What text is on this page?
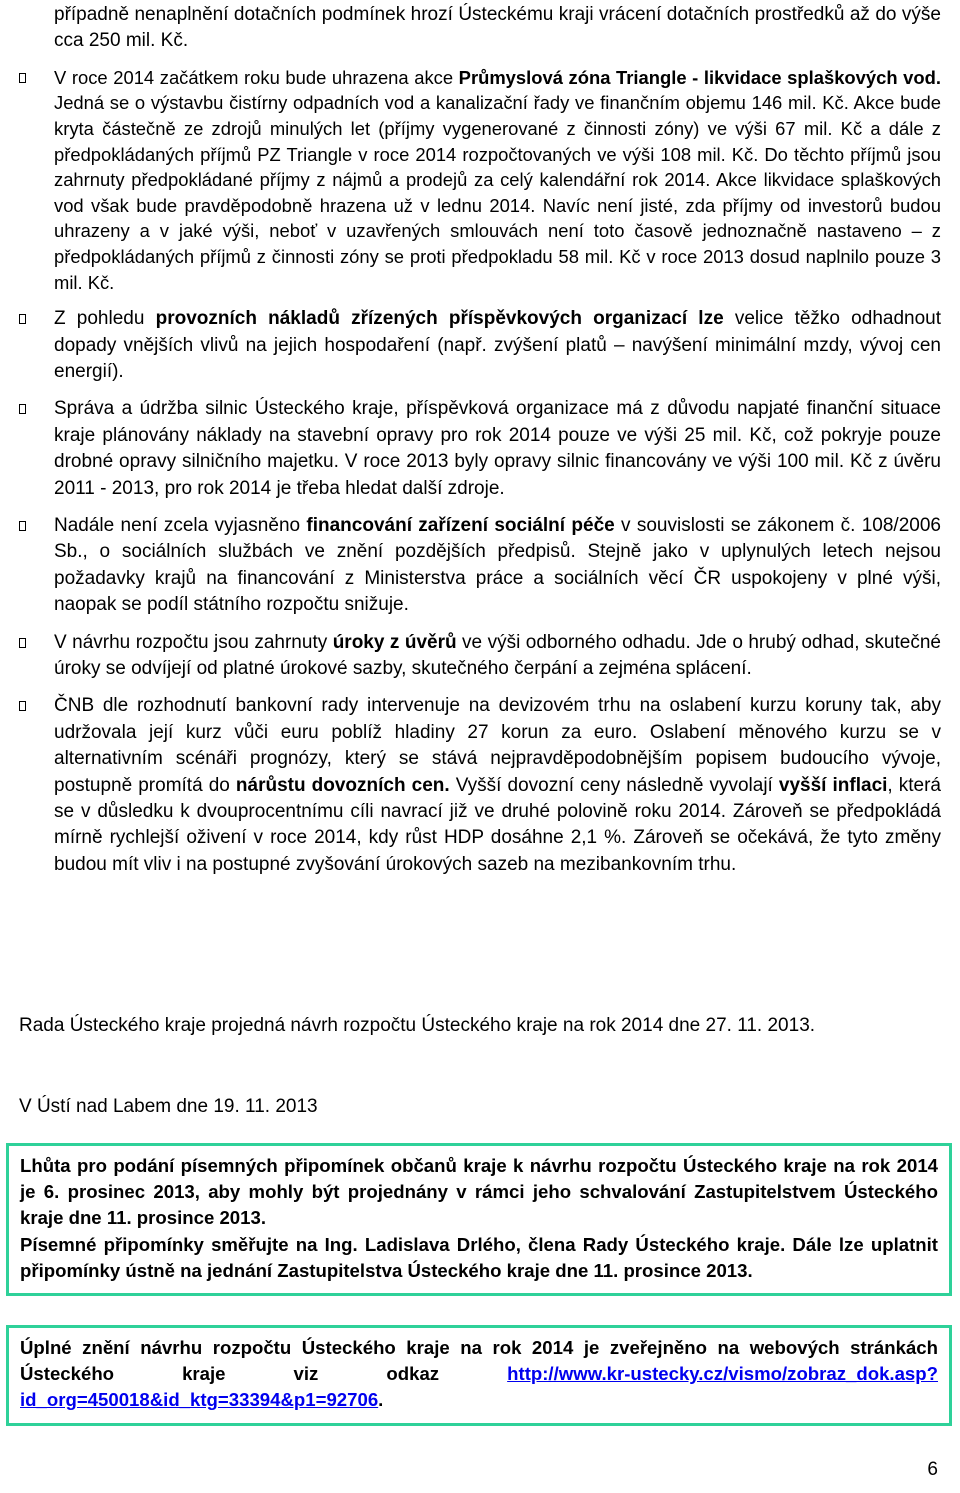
případně nenaplnění dotačních podmínek hrozí Ústeckému kraji vrácení dotačních prostředků až do výše cca 250 mil. Kč.
V roce 2014 začátkem roku bude uhrazena akce Průmyslová zóna Triangle - likvidace splaškových vod. Jedná se o výstavbu čistírny odpadních vod a kanalizační řady ve finančním objemu 146 mil. Kč. Akce bude kryta částečně ze zdrojů minulých let (příjmy vygenerované z činnosti zóny) ve výši 67 mil. Kč a dále z předpokládaných příjmů PZ Triangle v roce 2014 rozpočtovaných ve výši 108 mil. Kč. Do těchto příjmů jsou zahrnuty předpokládané příjmy z nájmů a prodejů za celý kalendářní rok 2014. Akce likvidace splaškových vod však bude pravděpodobně hrazena už v lednu 2014. Navíc není jisté, zda příjmy od investorů budou uhrazeny a v jaké výši, neboť v uzavřených smlouvách není toto časově jednoznačně nastaveno – z předpokládaných příjmů z činnosti zóny se proti předpokladu 58 mil. Kč v roce 2013 dosud naplnilo pouze 3 mil. Kč.
Z pohledu provozních nákladů zřízených příspěvkových organizací lze velice těžko odhadnout dopady vnějších vlivů na jejich hospodaření (např. zvýšení platů – navýšení minimální mzdy, vývoj cen energií).
Správa a údržba silnic Ústeckého kraje, příspěvková organizace má z důvodu napjaté finanční situace kraje plánovány náklady na stavební opravy pro rok 2014 pouze ve výši 25 mil. Kč, což pokryje pouze drobné opravy silničního majetku. V roce 2013 byly opravy silnic financovány ve výši 100 mil. Kč z úvěru 2011 - 2013, pro rok 2014 je třeba hledat další zdroje.
Nadále není zcela vyjasněno financování zařízení sociální péče v souvislosti se zákonem č. 108/2006 Sb., o sociálních službách ve znění pozdějších předpisů. Stejně jako v uplynulých letech nejsou požadavky krajů na financování z Ministerstva práce a sociálních věcí ČR uspokojeny v plné výši, naopak se podíl státního rozpočtu snižuje.
V návrhu rozpočtu jsou zahrnuty úroky z úvěrů ve výši odborného odhadu. Jde o hrubý odhad, skutečné úroky se odvíjejí od platné úrokové sazby, skutečného čerpání a zejména splácení.
ČNB dle rozhodnutí bankovní rady intervenuje na devizovém trhu na oslabení kurzu koruny tak, aby udržovala její kurz vůči euru poblíž hladiny 27 korun za euro. Oslabení měnového kurzu se v alternativním scénáři prognózy, který se stává nejpravděpodobnějším popisem budoucího vývoje, postupně promítá do nárůstu dovozních cen. Vyšší dovozní ceny následně vyvolají vyšší inflaci, která se v důsledku k dvouprocentnímu cíli navrací již ve druhé polovině roku 2014. Zároveň se předpokládá mírně rychlejší oživení v roce 2014, kdy růst HDP dosáhne 2,1 %. Zároveň se očekává, že tyto změny budou mít vliv i na postupné zvyšování úrokových sazeb na mezibankovním trhu.
Rada Ústeckého kraje projedná návrh rozpočtu Ústeckého kraje na rok 2014 dne 27. 11. 2013.
V Ústí nad Labem dne 19. 11. 2013
Lhůta pro podání písemných připomínek občanů kraje k návrhu rozpočtu Ústeckého kraje na rok 2014 je 6. prosinec 2013, aby mohly být projednány v rámci jeho schvalování Zastupitelstvem Ústeckého kraje dne 11. prosince 2013.
Písemné připomínky směřujte na Ing. Ladislava Drlého, člena Rady Ústeckého kraje. Dále lze uplatnit připomínky ústně na jednání Zastupitelstva Ústeckého kraje dne 11. prosince 2013.
Úplné znění návrhu rozpočtu Ústeckého kraje na rok 2014 je zveřejněno na webových stránkách Ústeckého kraje viz odkaz http://www.kr-ustecky.cz/vismo/zobraz_dok.asp?id_org=450018&id_ktg=33394&p1=92706.
6
